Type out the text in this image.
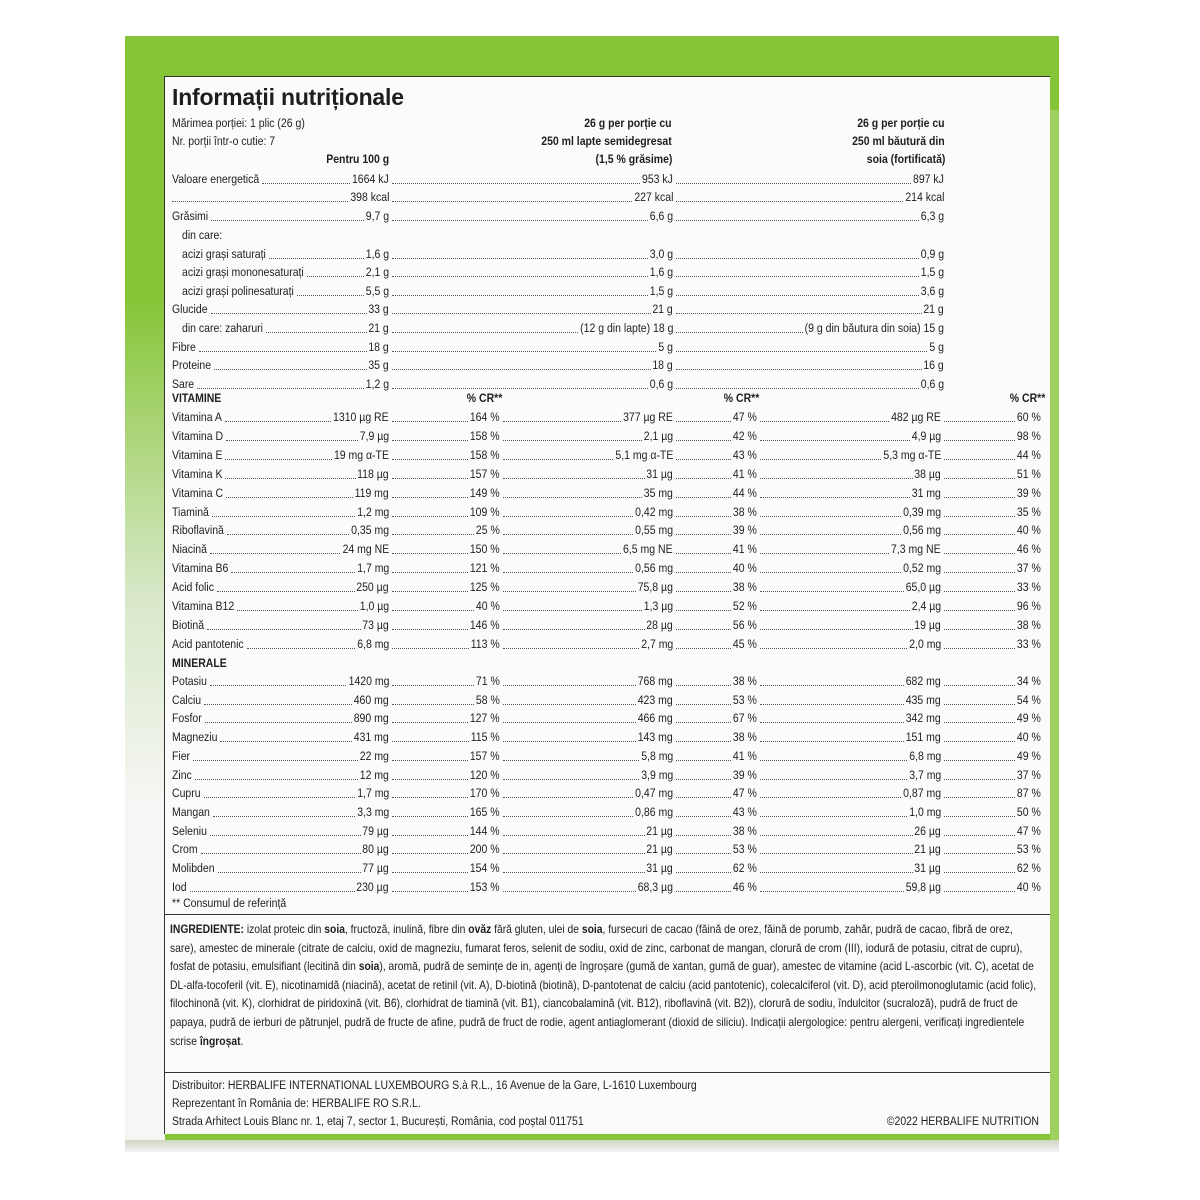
Informații nutriționale
Mărimea porției: 1 plic (26 g)
Nr. porții într-o cutie: 7
Pentru 100 g
26 g per porție cu
250 ml lapte semidegresat
(1,5 % grăsime)
26 g per porție cu
250 ml băutură din
soia (fortificată)
Valoare energetică	1664 kJ	953 kJ	897 kJ
398 kcal	227 kcal	214 kcal
Grăsimi	9,7 g	6,6 g	6,3 g
din care:
acizi grași saturați	1,6 g	3,0 g	0,9 g
acizi grași mononesaturați	2,1 g	1,6 g	1,5 g
acizi grași polinesaturați	5,5 g	1,5 g	3,6 g
Glucide	33 g	21 g	21 g
din care: zaharuri	21 g	(12 g din lapte) 18 g	(9 g din băutura din soia) 15 g
Fibre	18 g	5 g	5 g
Proteine	35 g	18 g	16 g
Sare	1,2 g	0,6 g	0,6 g
VITAMINE	% CR**	% CR**	% CR**
Vitamina A	1310 µg RE	164 %	377 µg RE	47 %	482 µg RE	60 %
Vitamina D	7,9 µg	158 %	2,1 µg	42 %	4,9 µg	98 %
Vitamina E	19 mg α-TE	158 %	5,1 mg α-TE	43 %	5,3 mg α-TE	44 %
Vitamina K	118 µg	157 %	31 µg	41 %	38 µg	51 %
Vitamina C	119 mg	149 %	35 mg	44 %	31 mg	39 %
Tiamină	1,2 mg	109 %	0,42 mg	38 %	0,39 mg	35 %
Riboflavină	0,35 mg	25 %	0,55 mg	39 %	0,56 mg	40 %
Niacină	24 mg NE	150 %	6,5 mg NE	41 %	7,3 mg NE	46 %
Vitamina B6	1,7 mg	121 %	0,56 mg	40 %	0,52 mg	37 %
Acid folic	250 µg	125 %	75,8 µg	38 %	65,0 µg	33 %
Vitamina B12	1,0 µg	40 %	1,3 µg	52 %	2,4 µg	96 %
Biotină	73 µg	146 %	28 µg	56 %	19 µg	38 %
Acid pantotenic	6,8 mg	113 %	2,7 mg	45 %	2,0 mg	33 %
MINERALE
Potasiu	1420 mg	71 %	768 mg	38 %	682 mg	34 %
Calciu	460 mg	58 %	423 mg	53 %	435 mg	54 %
Fosfor	890 mg	127 %	466 mg	67 %	342 mg	49 %
Magneziu	431 mg	115 %	143 mg	38 %	151 mg	40 %
Fier	22 mg	157 %	5,8 mg	41 %	6,8 mg	49 %
Zinc	12 mg	120 %	3,9 mg	39 %	3,7 mg	37 %
Cupru	1,7 mg	170 %	0,47 mg	47 %	0,87 mg	87 %
Mangan	3,3 mg	165 %	0,86 mg	43 %	1,0 mg	50 %
Seleniu	79 µg	144 %	21 µg	38 %	26 µg	47 %
Crom	80 µg	200 %	21 µg	53 %	21 µg	53 %
Molibden	77 µg	154 %	31 µg	62 %	31 µg	62 %
Iod	230 µg	153 %	68,3 µg	46 %	59,8 µg	40 %
** Consumul de referință

INGREDIENTE: izolat proteic din soia, fructoză, inulină, fibre din ovăz fără gluten, ulei de soia, fursecuri de cacao (făină de orez, făină de porumb, zahăr, pudră de cacao, fibră de orez, sare), amestec de minerale (citrate de calciu, oxid de magneziu, fumarat feros, selenit de sodiu, oxid de zinc, carbonat de mangan, clorură de crom (III), iodură de potasiu, citrat de cupru), fosfat de potasiu, emulsifiant (lecitină din soia), aromă, pudră de semințe de in, agenți de îngroșare (gumă de xantan, gumă de guar), amestec de vitamine (acid L-ascorbic (vit. C), acetat de DL-alfa-tocoferil (vit. E), nicotinamidă (niacină), acetat de retinil (vit. A), D-biotină (biotină), D-pantotenat de calciu (acid pantotenic), colecalciferol (vit. D), acid pteroilmonoglutamic (acid folic), filochinonă (vit. K), clorhidrat de piridoxină (vit. B6), clorhidrat de tiamină (vit. B1), ciancobalamină (vit. B12), riboflavină (vit. B2)), clorură de sodiu, îndulcitor (sucraloză), pudră de fruct de papaya, pudră de ierburi de pătrunjel, pudră de fructe de afine, pudră de fruct de rodie, agent antiaglomerant (dioxid de siliciu). Indicații alergologice: pentru alergeni, verificați ingredientele scrise îngroșat.

Distribuitor: HERBALIFE INTERNATIONAL LUXEMBOURG S.à R.L., 16 Avenue de la Gare, L-1610 Luxembourg
Reprezentant în România de: HERBALIFE RO S.R.L.
Strada Arhitect Louis Blanc nr. 1, etaj 7, sector 1, București, România, cod poștal 011751	©2022 HERBALIFE NUTRITION
